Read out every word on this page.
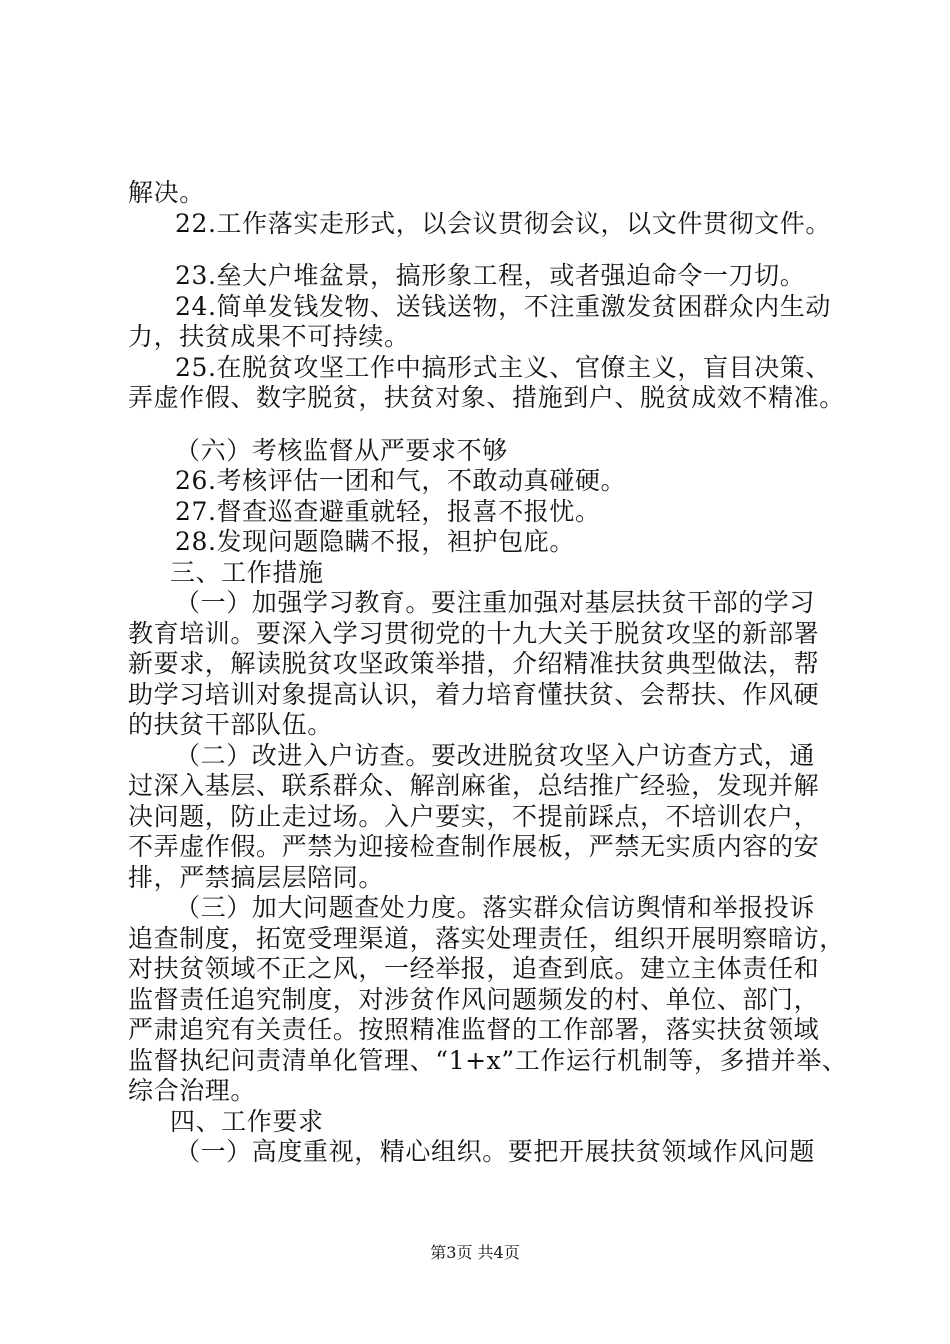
解决。

22.工作落实走形式，以会议贯彻会议，以文件贯彻文件。

23.垒大户堆盆景，搞形象工程，或者强迫命令一刀切。

24.简单发钱发物、送钱送物，不注重激发贫困群众内生动

力，扶贫成果不可持续。

25.在脱贫攻坚工作中搞形式主义、官僚主义，盲目决策、

弄虚作假、数字脱贫，扶贫对象、措施到户、脱贫成效不精准。

（六）考核监督从严要求不够

26.考核评估一团和气，不敢动真碰硬。

27.督查巡查避重就轻，报喜不报忧。

28.发现问题隐瞒不报，袒护包庇。

三、工作措施

（一）加强学习教育。要注重加强对基层扶贫干部的学习

教育培训。要深入学习贯彻党的十九大关于脱贫攻坚的新部署

新要求，解读脱贫攻坚政策举措，介绍精准扶贫典型做法，帮

助学习培训对象提高认识，着力培育懂扶贫、会帮扶、作风硬

的扶贫干部队伍。

（二）改进入户访查。要改进脱贫攻坚入户访查方式，通

过深入基层、联系群众、解剖麻雀，总结推广经验，发现并解

决问题，防止走过场。入户要实，不提前踩点，不培训农户，

不弄虚作假。严禁为迎接检查制作展板，严禁无实质内容的安

排，严禁搞层层陪同。

（三）加大问题查处力度。落实群众信访舆情和举报投诉

追查制度，拓宽受理渠道，落实处理责任，组织开展明察暗访，

对扶贫领域不正之风，一经举报，追查到底。建立主体责任和

监督责任追究制度，对涉贫作风问题频发的村、单位、部门，

严肃追究有关责任。按照精准监督的工作部署，落实扶贫领域

监督执纪问责清单化管理、“1+x”工作运行机制等，多措并举、

综合治理。

四、工作要求

（一）高度重视，精心组织。要把开展扶贫领域作风问题

第3页 共4页
